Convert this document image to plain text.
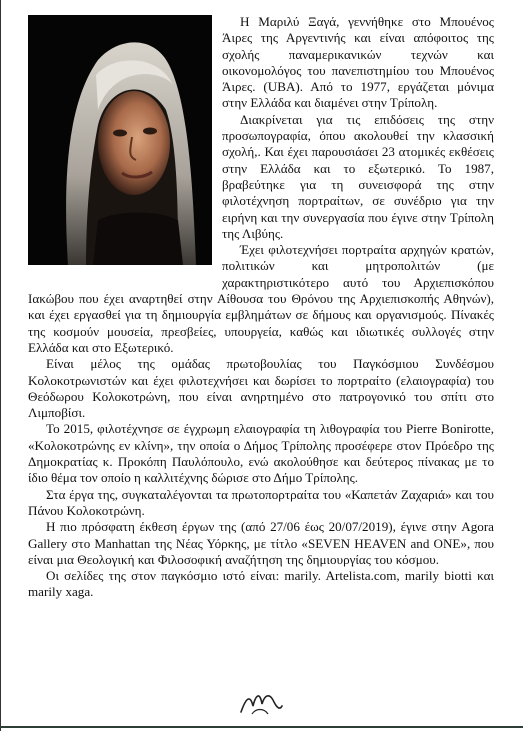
Η Μαριλύ Ξαγά, γεννήθηκε στο Μπουένος Άιρες της Αργεντινής και είναι απόφοιτος της σχολής παναμερικανικών τεχνών και οικονομολόγος του πανεπιστημίου του Μπουένος Άιρες. (UBA). Από το 1977, εργάζεται μόνιμα στην Ελλάδα και διαμένει στην Τρίπολη.

Διακρίνεται για τις επιδόσεις της στην προσωπογραφία, όπου ακολουθεί την κλασσική σχολή,. Και έχει παρουσιάσει 23 ατομικές εκθέσεις στην Ελλάδα και το εξωτερικό. Το 1987, βραβεύτηκε για τη συνεισφορά της στην φιλοτέχνηση πορτραίτων, σε συνέδριο για την ειρήνη και την συνεργασία που έγινε στην Τρίπολη της Λιβύης.

Έχει φιλοτεχνήσει πορτραίτα αρχηγών κρατών, πολιτικών και μητροπολιτών (με χαρακτηριστικότερο αυτό του Αρχιεπισκόπου Ιακώβου που έχει αναρτηθεί στην Αίθουσα του Θρόνου της Αρχιεπισκοπής Αθηνών), και έχει εργασθεί για τη δημιουργία εμβλημάτων σε δήμους και οργανισμούς. Πίνακές της κοσμούν μουσεία, πρεσβείες, υπουργεία, καθώς και ιδιωτικές συλλογές στην Ελλάδα και στο Εξωτερικό.

Είναι μέλος της ομάδας πρωτοβουλίας του Παγκόσμιου Συνδέσμου Κολοκοτρωνιστών και έχει φιλοτεχνήσει και δωρίσει το πορτραίτο (ελαιογραφία) του Θεόδωρου Κολοκοτρώνη, που είναι ανηρτημένο στο πατρογονικό του σπίτι στο Λιμποβίσι.

Το 2015, φιλοτέχνησε σε έγχρωμη ελαιογραφία τη λιθογραφία του Pierre Bonirotte, «Κολοκοτρώνης εν κλίνη», την οποία ο Δήμος Τρίπολης προσέφερε στον Πρόεδρο της Δημοκρατίας κ. Προκόπη Παυλόπουλο, ενώ ακολούθησε και δεύτερος πίνακας με το ίδιο θέμα τον οποίο η καλλιτέχνης δώρισε στο Δήμο Τρίπολης.

Στα έργα της, συγκαταλέγονται τα πρωτοπορτραίτα του «Καπετάν Ζαχαριά» και του Πάνου Κολοκοτρώνη.

Η πιο πρόσφατη έκθεση έργων της (από 27/06 έως 20/07/2019), έγινε στην Agora Gallery στο Manhattan της Νέας Υόρκης, με τίτλο «SEVEN HEAVEN and ONE», που είναι μια Θεολογική και Φιλοσοφική αναζήτηση της δημιουργίας του κόσμου.

Οι σελίδες της στον παγκόσμιο ιστό είναι: marily. Artelista.com, marily biotti και marily xaga.
